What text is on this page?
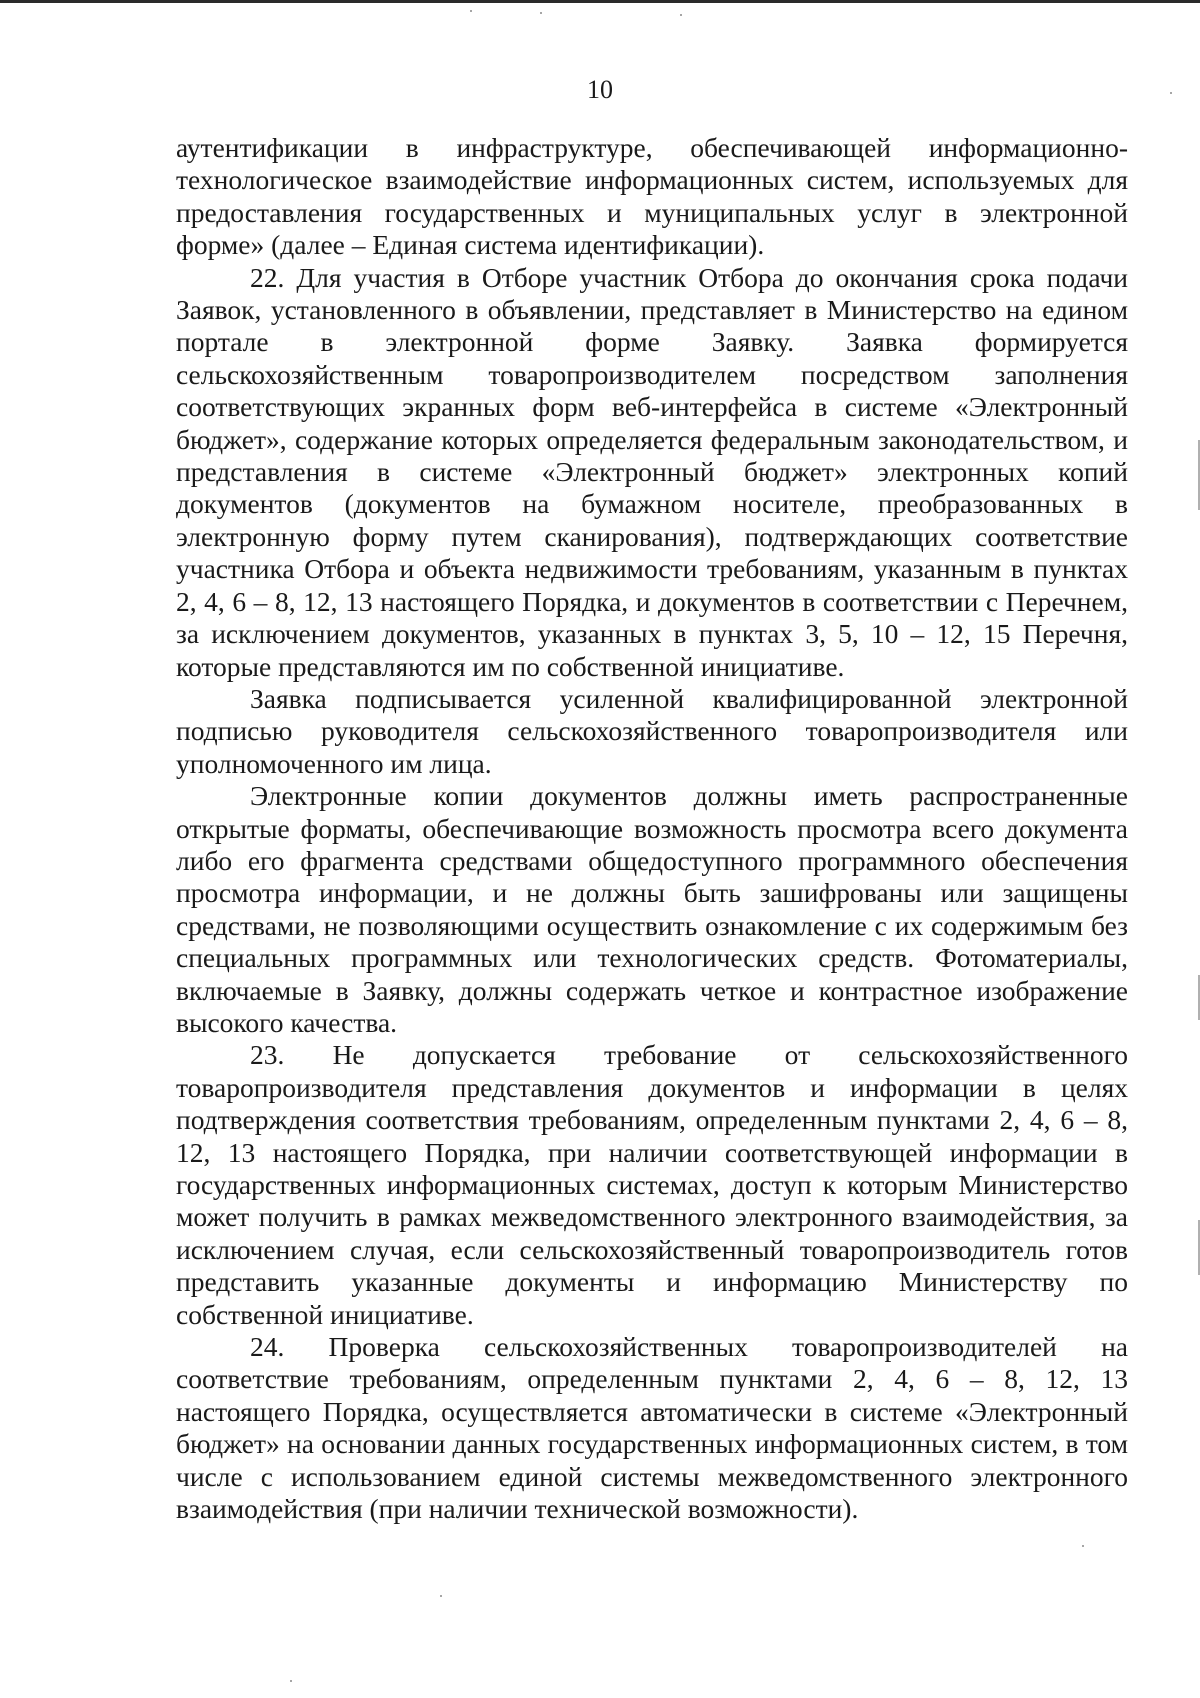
10

аутентификации в инфраструктуре, обеспечивающей информационно-технологическое взаимодействие информационных систем, используемых для предоставления государственных и муниципальных услуг в электронной форме» (далее – Единая система идентификации).

22. Для участия в Отборе участник Отбора до окончания срока подачи Заявок, установленного в объявлении, представляет в Министерство на едином портале в электронной форме Заявку. Заявка формируется сельскохозяйственным товаропроизводителем посредством заполнения соответствующих экранных форм веб-интерфейса в системе «Электронный бюджет», содержание которых определяется федеральным законодательством, и представления в системе «Электронный бюджет» электронных копий документов (документов на бумажном носителе, преобразованных в электронную форму путем сканирования), подтверждающих соответствие участника Отбора и объекта недвижимости требованиям, указанным в пунктах 2, 4, 6 – 8, 12, 13 настоящего Порядка, и документов в соответствии с Перечнем, за исключением документов, указанных в пунктах 3, 5, 10 – 12, 15 Перечня, которые представляются им по собственной инициативе.

Заявка подписывается усиленной квалифицированной электронной подписью руководителя сельскохозяйственного товаропроизводителя или уполномоченного им лица.

Электронные копии документов должны иметь распространенные открытые форматы, обеспечивающие возможность просмотра всего документа либо его фрагмента средствами общедоступного программного обеспечения просмотра информации, и не должны быть зашифрованы или защищены средствами, не позволяющими осуществить ознакомление с их содержимым без специальных программных или технологических средств. Фотоматериалы, включаемые в Заявку, должны содержать четкое и контрастное изображение высокого качества.

23. Не допускается требование от сельскохозяйственного товаропроизводителя представления документов и информации в целях подтверждения соответствия требованиям, определенным пунктами 2, 4, 6 – 8, 12, 13 настоящего Порядка, при наличии соответствующей информации в государственных информационных системах, доступ к которым Министерство может получить в рамках межведомственного электронного взаимодействия, за исключением случая, если сельскохозяйственный товаропроизводитель готов представить указанные документы и информацию Министерству по собственной инициативе.

24. Проверка сельскохозяйственных товаропроизводителей на соответствие требованиям, определенным пунктами 2, 4, 6 – 8, 12, 13 настоящего Порядка, осуществляется автоматически в системе «Электронный бюджет» на основании данных государственных информационных систем, в том числе с использованием единой системы межведомственного электронного взаимодействия (при наличии технической возможности).
